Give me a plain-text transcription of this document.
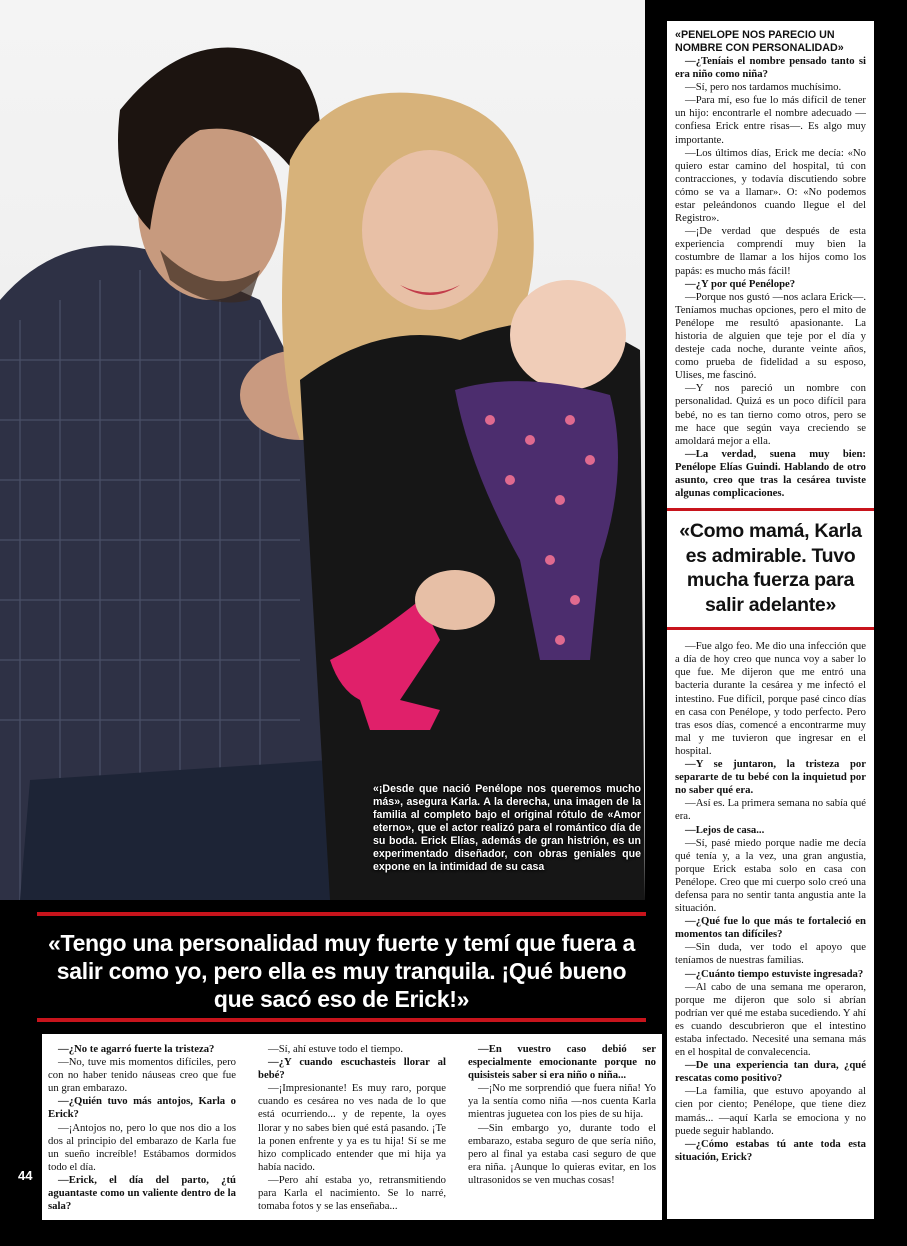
«¡Desde que nació Penélope nos queremos mucho más», asegura Karla. A la derecha, una imagen de la familia al completo bajo el original rótulo de «Amor eterno», que el actor realizó para el romántico día de su boda. Erick Elías, además de gran histrión, es un experimentado diseñador, con obras geniales que expone en la intimidad de su casa
«PENELOPE NOS PARECIO UN NOMBRE CON PERSONALIDAD»

—¿Teníais el nombre pensado tanto si era niño como niña?

—Sí, pero nos tardamos muchísimo.

—Para mí, eso fue lo más difícil de tener un hijo: encontrarle el nombre adecuado —confiesa Erick entre risas—. Es algo muy importante.

—Los últimos días, Erick me decía: «No quiero estar camino del hospital, tú con contracciones, y todavía discutiendo sobre cómo se va a llamar». O: «No podemos estar peleándonos cuando llegue el del Registro».

—¡De verdad que después de esta experiencia comprendí muy bien la costumbre de llamar a los hijos como los papás: es mucho más fácil!

—¿Y por qué Penélope?

—Porque nos gustó —nos aclara Erick—. Teníamos muchas opciones, pero el mito de Penélope me resultó apasionante. La historia de alguien que teje por el día y desteje cada noche, durante veinte años, como prueba de fidelidad a su esposo, Ulises, me fascinó.

—Y nos pareció un nombre con personalidad. Quizá es un poco difícil para bebé, no es tan tierno como otros, pero se me hace que según vaya creciendo se amoldará mejor a ella.

—La verdad, suena muy bien: Penélope Elías Guindi. Hablando de otro asunto, creo que tras la cesárea tuviste algunas complicaciones.

«Como mamá, Karla es admirable. Tuvo mucha fuerza para salir adelante»

—Fue algo feo. Me dio una infección que a día de hoy creo que nunca voy a saber lo que fue. Me dijeron que me entró una bacteria durante la cesárea y me infectó el intestino. Fue difícil, porque pasé cinco días en casa con Penélope, y todo perfecto. Pero tras esos días, comencé a encontrarme muy mal y me tuvieron que ingresar en el hospital.

—Y se juntaron, la tristeza por separarte de tu bebé con la inquietud por no saber qué era.

—Así es. La primera semana no sabía qué era.

—Lejos de casa...

—Sí, pasé miedo porque nadie me decía qué tenía y, a la vez, una gran angustia, porque Erick estaba solo en casa con Penélope. Creo que mi cuerpo solo creó una defensa para no sentir tanta angustia ante la situación.

—¿Qué fue lo que más te fortaleció en momentos tan difíciles?

—Sin duda, ver todo el apoyo que teníamos de nuestras familias.

—¿Cuánto tiempo estuviste ingresada?

—Al cabo de una semana me operaron, porque me dijeron que solo si abrían podrían ver qué me estaba sucediendo. Y ahí es cuando descubrieron que el intestino estaba infectado. Necesité una semana más en el hospital de convalecencia.

—De una experiencia tan dura, ¿qué rescatas como positivo?

—La familia, que estuvo apoyando al cien por ciento; Penélope, que tiene diez mamás... —aquí Karla se emociona y no puede seguir hablando.

—¿Cómo estabas tú ante toda esta situación, Erick?

«Tengo una personalidad muy fuerte y temí que fuera a salir como yo, pero ella es muy tranquila. ¡Qué bueno que sacó eso de Erick!»

—¿No te agarró fuerte la tristeza?

—No, tuve mis momentos difíciles, pero con no haber tenido náuseas creo que fue un gran embarazo.

—¿Quién tuvo más antojos, Karla o Erick?

—¡Antojos no, pero lo que nos dio a los dos al principio del embarazo de Karla fue un sueño increíble! Estábamos dormidos todo el día.

—Erick, el día del parto, ¿tú aguantaste como un valiente dentro de la sala?

—Sí, ahí estuve todo el tiempo.

—¿Y cuando escuchasteis llorar al bebé?

—¡Impresionante! Es muy raro, porque cuando es cesárea no ves nada de lo que está ocurriendo... y de repente, la oyes llorar y no sabes bien qué está pasando. ¡Te la ponen enfrente y ya es tu hija! Sí se me hizo complicado entender que mi hija ya había nacido.

—Pero ahí estaba yo, retransmitiendo para Karla el nacimiento. Se lo narré, tomaba fotos y se las enseñaba...

—En vuestro caso debió ser especialmente emocionante porque no quisisteis saber si era niño o niña...

—¡No me sorprendió que fuera niña! Yo ya la sentía como niña —nos cuenta Karla mientras juguetea con los pies de su hija.

—Sin embargo yo, durante todo el embarazo, estaba seguro de que sería niño, pero al final ya estaba casi seguro de que era niña. ¡Aunque lo quieras evitar, en los ultrasonidos se ven muchas cosas!

44
